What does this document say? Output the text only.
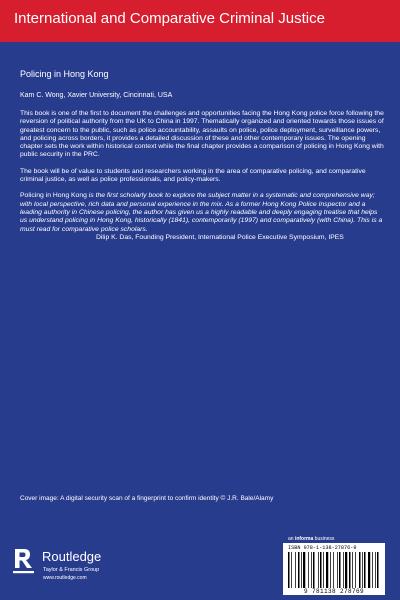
International and Comparative Criminal Justice
Policing in Hong Kong
Kam C. Wong, Xavier University, Cincinnati, USA

This book is one of the first to document the challenges and opportunities facing the Hong Kong police force following the reversion of political authority from the UK to China in 1997. Thematically organized and oriented towards those issues of greatest concern to the public, such as police accountability, assaults on police, police deployment, surveillance powers, and policing across borders, it provides a detailed discussion of these and other contemporary issues. The opening chapter sets the work within historical context while the final chapter provides a comparison of policing in Hong Kong with public security in the PRC.

The book will be of value to students and researchers working in the area of comparative policing, and comparative criminal justice, as well as police professionals, and policy-makers.

Policing in Hong Kong is the first scholarly book to explore the subject matter in a systematic and comprehensive way; with local perspective, rich data and personal experience in the mix. As a former Hong Kong Police Inspector and a leading authority in Chinese policing, the author has given us a highly readable and deeply engaging treatise that helps us understand policing in Hong Kong, historically (1841), contemporarily (1997) and comparatively (with China). This is a must read for comparative police scholars.

Dilip K. Das, Founding President, International Police Executive Symposium, IPES
Cover image: A digital security scan of a fingerprint to confirm identity © J.R. Bale/Alamy
an informa business
Routledge
Taylor & Francis Group
www.routledge.com
ISBN 978-1-138-27876-9
9 781138 278769
